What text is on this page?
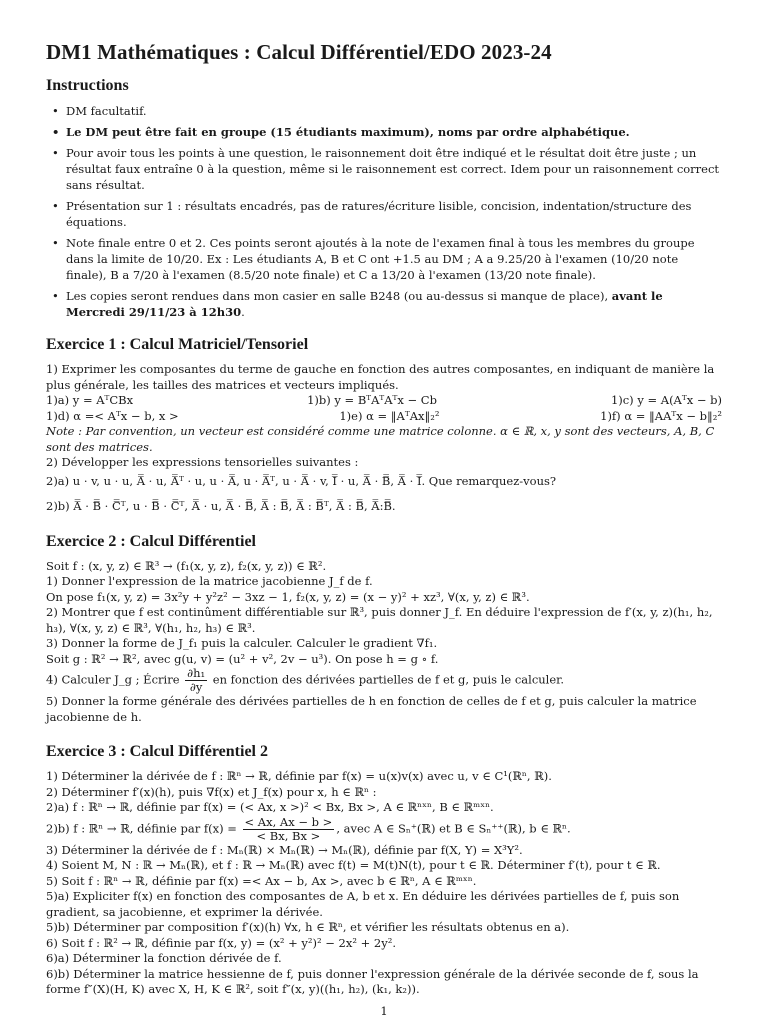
DM1 Mathématiques : Calcul Différentiel/EDO 2023-24
Instructions
• DM facultatif.
• Le DM peut être fait en groupe (15 étudiants maximum), noms par ordre alphabétique.
• Pour avoir tous les points à une question, le raisonnement doit être indiqué et le résultat doit être juste ; un résultat faux entraîne 0 à la question, même si le raisonnement est correct. Idem pour un raisonnement correct sans résultat.
• Présentation sur 1 : résultats encadrés, pas de ratures/écriture lisible, concision, indentation/structure des équations.
• Note finale entre 0 et 2. Ces points seront ajoutés à la note de l'examen final à tous les membres du groupe dans la limite de 10/20. Ex : Les étudiants A, B et C ont +1.5 au DM ; A a 9.25/20 à l'examen (10/20 note finale), B a 7/20 à l'examen (8.5/20 note finale) et C a 13/20 à l'examen (13/20 note finale).
• Les copies seront rendues dans mon casier en salle B248 (ou au-dessus si manque de place), avant le Mercredi 29/11/23 à 12h30.
Exercice 1 : Calcul Matriciel/Tensoriel

1) Exprimer les composantes du terme de gauche en fonction des autres composantes, en indiquant de manière la plus générale, les tailles des matrices et vecteurs impliqués.

1)a) y = AᵀCBx	1)b) y = BᵀAᵀAᵀx − Cb	1)c) y = A(Aᵀx − b)
1)d) α =< Aᵀx − b, x >	1)e) α = ‖AᵀAx‖₂²	1)f) α = ‖AAᵀx − b‖₂²

Note : Par convention, un vecteur est considéré comme une matrice colonne. α ∈ ℝ, x, y sont des vecteurs, A, B, C sont des matrices.

2) Développer les expressions tensorielles suivantes :

2)a) u · v, u · u, A̿ · u, A̿ᵀ · u, u · A̿, u · A̿ᵀ, u · A̿ · v, I̿ · u, A̿ · B̿, A̿ · I̿. Que remarquez-vous?

2)b) A̿ · B̿ · C̿ᵀ, u · B̿ · C̿ᵀ, A̿ · u, A̿ · B̿, A̿ : B̿, A̿ : B̿ᵀ, A̿ : B̿, A̿:B̿.

Exercice 2 : Calcul Différentiel

Soit f : (x, y, z) ∈ ℝ³ → (f₁(x, y, z), f₂(x, y, z)) ∈ ℝ².

1) Donner l'expression de la matrice jacobienne J_f de f.

On pose f₁(x, y, z) = 3x²y + y²z² − 3xz − 1, f₂(x, y, z) = (x − y)² + xz³, ∀(x, y, z) ∈ ℝ³.

2) Montrer que f est continûment différentiable sur ℝ³, puis donner J_f. En déduire l'expression de f′(x, y, z)(h₁, h₂, h₃), ∀(x, y, z) ∈ ℝ³, ∀(h₁, h₂, h₃) ∈ ℝ³.

3) Donner la forme de J_f₁ puis la calculer. Calculer le gradient ∇f₁.

Soit g : ℝ² → ℝ², avec g(u, v) = (u² + v², 2v − u³). On pose h = g ∘ f.

4) Calculer J_g ; Écrire $\frac{\text{∂h₁}}{\partial y}$ en fonction des dérivées partielles de f et g, puis le calculer.

5) Donner la forme générale des dérivées partielles de h en fonction de celles de f et g, puis calculer la matrice jacobienne de h.

Exercice 3 : Calcul Différentiel 2

1) Déterminer la dérivée de f : ℝⁿ → ℝ, définie par f(x) = u(x)v(x) avec u, v ∈ C¹(ℝⁿ, ℝ).

2) Déterminer f′(x)(h), puis ∇f(x) et J_f(x) pour x, h ∈ ℝⁿ :

2)a) f : ℝⁿ → ℝ, définie par f(x) = (< Ax, x >)² < Bx, Bx >, A ∈ ℝⁿˣⁿ, B ∈ ℝᵐˣⁿ.

2)b) f : ℝⁿ → ℝ, définie par $f(x) = \frac{< Ax, Ax - b >}{< Bx, Bx >}$ , avec A ∈ Sₙ⁺(ℝ) et B ∈ Sₙ⁺⁺(ℝ), b ∈ ℝⁿ.

3) Déterminer la dérivée de f : Mₙ(ℝ) × Mₙ(ℝ) → Mₙ(ℝ), définie par f(X, Y) = X³Y².

4) Soient M, N : ℝ → Mₙ(ℝ), et f : ℝ → Mₙ(ℝ) avec f(t) = M(t)N(t), pour t ∈ ℝ. Déterminer f′(t), pour t ∈ ℝ.

5) Soit f : ℝⁿ → ℝ, définie par f(x) =< Ax − b, Ax >, avec b ∈ ℝⁿ, A ∈ ℝᵐˣⁿ.

5)a) Expliciter f(x) en fonction des composantes de A, b et x. En déduire les dérivées partielles de f, puis son gradient, sa jacobienne, et exprimer la dérivée.

5)b) Déterminer par composition f′(x)(h) ∀x, h ∈ ℝⁿ, et vérifier les résultats obtenus en a).

6) Soit f : ℝ² → ℝ, définie par f(x, y) = (x² + y²)² − 2x² + 2y².

6)a) Déterminer la fonction dérivée de f.

6)b) Déterminer la matrice hessienne de f, puis donner l'expression générale de la dérivée seconde de f, sous la forme f″(X)(H, K) avec X, H, K ∈ ℝ², soit f″(x, y)((h₁, h₂), (k₁, k₂)).

1
